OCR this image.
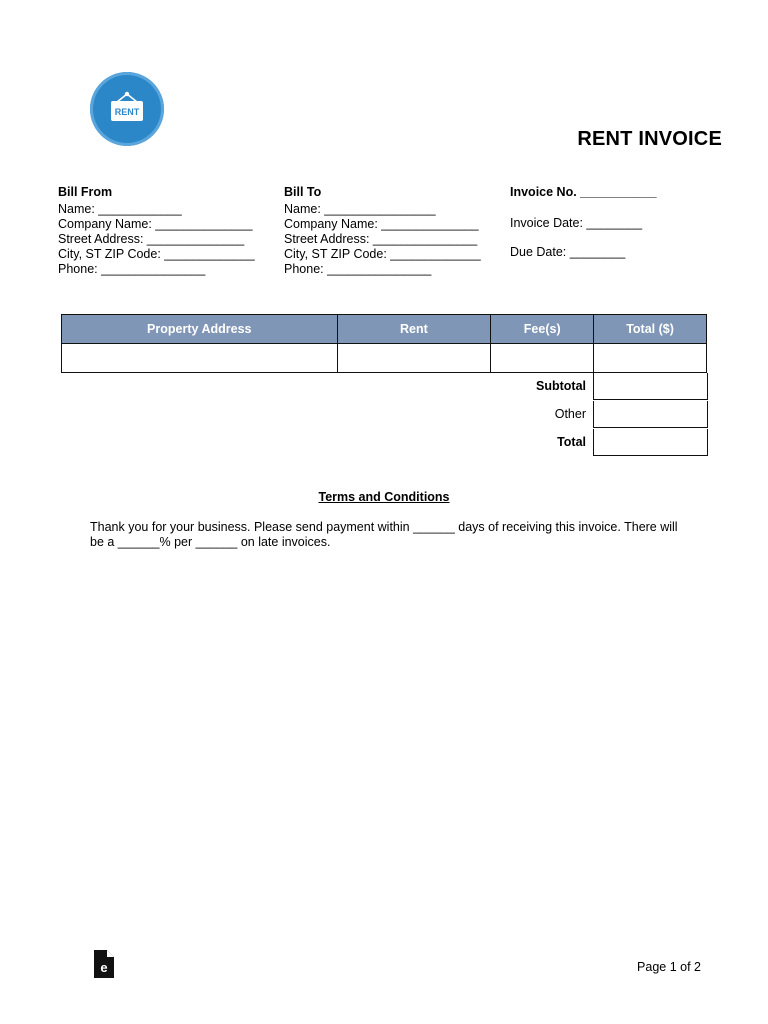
RENT
RENT INVOICE
Bill From
Name: ____________
Company Name: ______________
Street Address: ______________
City, ST ZIP Code: _____________
Phone: _______________
Bill To
Name: ________________
Company Name: ______________
Street Address: _______________
City, ST ZIP Code: _____________
Phone: _______________
Invoice No. ___________
Invoice Date: ________
Due Date: ________
Property Address	Rent	Fee(s)	Total ($)

Subtotal
Other
Total
Terms and Conditions
Thank you for your business. Please send payment within ______ days of receiving this invoice. There will be a ______% per ______ on late invoices.
e	Page 1 of 2
